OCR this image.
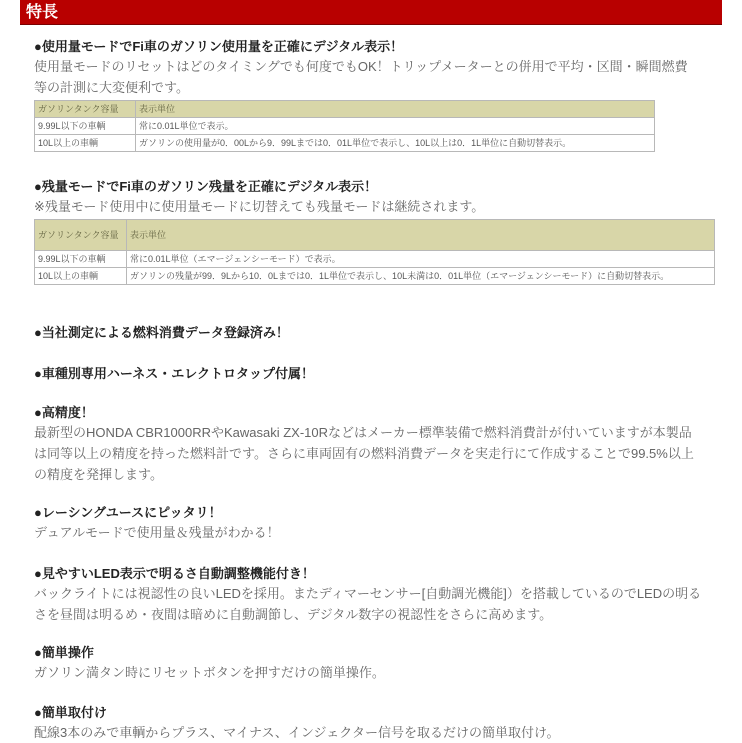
特長
●使用量モードでFi車のガソリン使用量を正確にデジタル表示！
使用量モードのリセットはどのタイミングでも何度でもOK！トリップメーターとの併用で平均・区間・瞬間燃費
等の計測に大変便利です。
ガソリンタンク容量	表示単位
9.99L以下の車輌	常に0.01L単位で表示。
10L以上の車輌	ガソリンの使用量が0．00Lから9．99Lまでは0．01L単位で表示し、10L以上は0．1L単位に自動切替表示。
●残量モードでFi車のガソリン残量を正確にデジタル表示！
※残量モード使用中に使用量モードに切替えても残量モードは継続されます。
ガソリンタンク容量	表示単位
9.99L以下の車輌	常に0.01L単位（エマージェンシーモード）で表示。
10L以上の車輌	ガソリンの残量が99．9Lから10．0Lまでは0．1L単位で表示し、10L未満は0．01L単位（エマージェンシーモード）に自動切替表示。
●当社測定による燃料消費データ登録済み！
●車種別専用ハーネス・エレクトロタップ付属！
●高精度！
最新型のHONDA CBR1000RRやKawasaki ZX-10Rなどはメーカー標準装備で燃料消費計が付いていますが本製品
は同等以上の精度を持った燃料計です。さらに車両固有の燃料消費データを実走行にて作成することで99.5%以上
の精度を発揮します。
●レーシングユースにピッタリ！
デュアルモードで使用量＆残量がわかる！
●見やすいLED表示で明るさ自動調整機能付き！
バックライトには視認性の良いLEDを採用。またディマーセンサー[自動調光機能]）を搭載しているのでLEDの明る
さを昼間は明るめ・夜間は暗めに自動調節し、デジタル数字の視認性をさらに高めます。
●簡単操作
ガソリン満タン時にリセットボタンを押すだけの簡単操作。
●簡単取付け
配線3本のみで車輌からプラス、マイナス、インジェクター信号を取るだけの簡単取付け。
